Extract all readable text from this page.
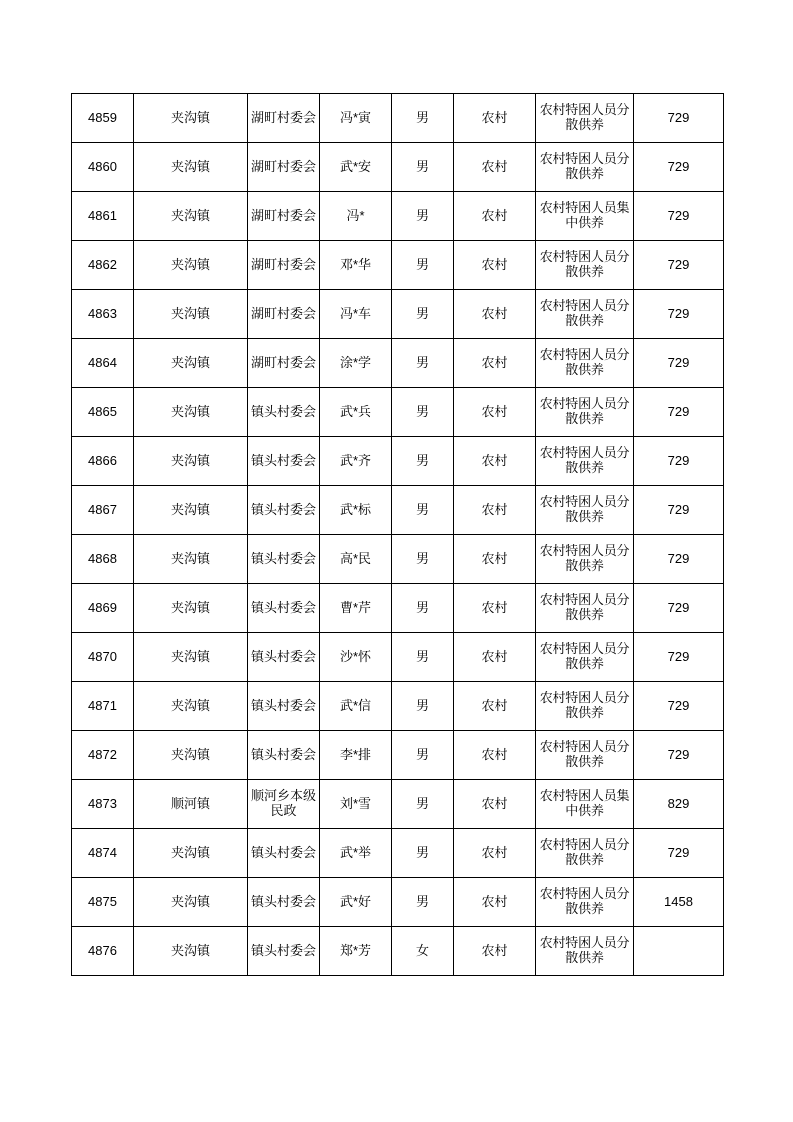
4859	夹沟镇	湖町村委会	冯*寅	男	农村	农村特困人员分散供养	729
4860	夹沟镇	湖町村委会	武*安	男	农村	农村特困人员分散供养	729
4861	夹沟镇	湖町村委会	冯*	男	农村	农村特困人员集中供养	729
4862	夹沟镇	湖町村委会	邓*华	男	农村	农村特困人员分散供养	729
4863	夹沟镇	湖町村委会	冯*车	男	农村	农村特困人员分散供养	729
4864	夹沟镇	湖町村委会	涂*学	男	农村	农村特困人员分散供养	729
4865	夹沟镇	镇头村委会	武*兵	男	农村	农村特困人员分散供养	729
4866	夹沟镇	镇头村委会	武*齐	男	农村	农村特困人员分散供养	729
4867	夹沟镇	镇头村委会	武*标	男	农村	农村特困人员分散供养	729
4868	夹沟镇	镇头村委会	高*民	男	农村	农村特困人员分散供养	729
4869	夹沟镇	镇头村委会	曹*芹	男	农村	农村特困人员分散供养	729
4870	夹沟镇	镇头村委会	沙*怀	男	农村	农村特困人员分散供养	729
4871	夹沟镇	镇头村委会	武*信	男	农村	农村特困人员分散供养	729
4872	夹沟镇	镇头村委会	李*排	男	农村	农村特困人员分散供养	729
4873	顺河镇	顺河乡本级民政	刘*雪	男	农村	农村特困人员集中供养	829
4874	夹沟镇	镇头村委会	武*举	男	农村	农村特困人员分散供养	729
4875	夹沟镇	镇头村委会	武*好	男	农村	农村特困人员分散供养	1458
4876	夹沟镇	镇头村委会	郑*芳	女	农村	农村特困人员分散供养	
